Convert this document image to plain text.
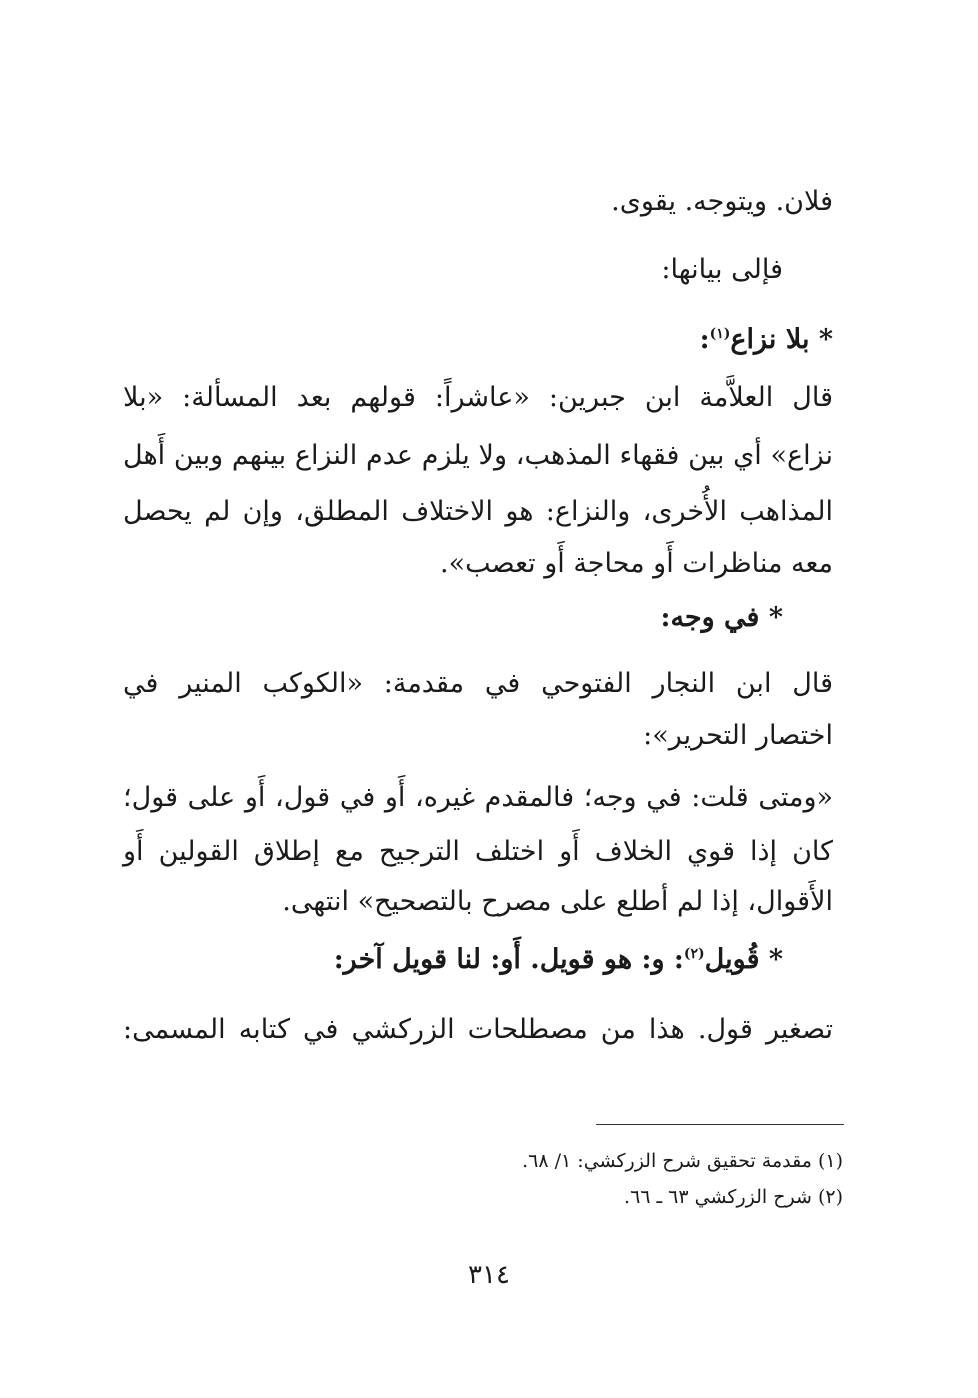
فلان. ويتوجه. يقوى.
فإلى بيانها:
* بلا نزاع$^{(١)}$:
قال العلاَّمة ابن جبرين: «عاشراً: قولهم بعد المسألة: «بلا
نزاع» أي بين فقهاء المذهب، ولا يلزم عدم النزاع بينهم وبين أَهل
المذاهب الأُخرى، والنزاع: هو الاختلاف المطلق، وإن لم يحصل
معه مناظرات أَو محاجة أَو تعصب».
* في وجه:
قال ابن النجار الفتوحي في مقدمة: «الكوكب المنير في
اختصار التحرير»:
«ومتى قلت: في وجه؛ فالمقدم غيره، أَو في قول، أَو على قول؛
كان إذا قوي الخلاف أَو اختلف الترجيح مع إطلاق القولين أَو
الأَقوال، إذا لم أطلع على مصرح بالتصحيح» انتهى.
* قُويل$^{(٢)}$: و: هو قويل. أَو: لنا قويل آخر:
تصغير قول. هذا من مصطلحات الزركشي في كتابه المسمى:
(١) مقدمة تحقيق شرح الزركشي: ١/ ٦٨.
(٢) شرح الزركشي ٦٣ ـ ٦٦.
٣١٤
